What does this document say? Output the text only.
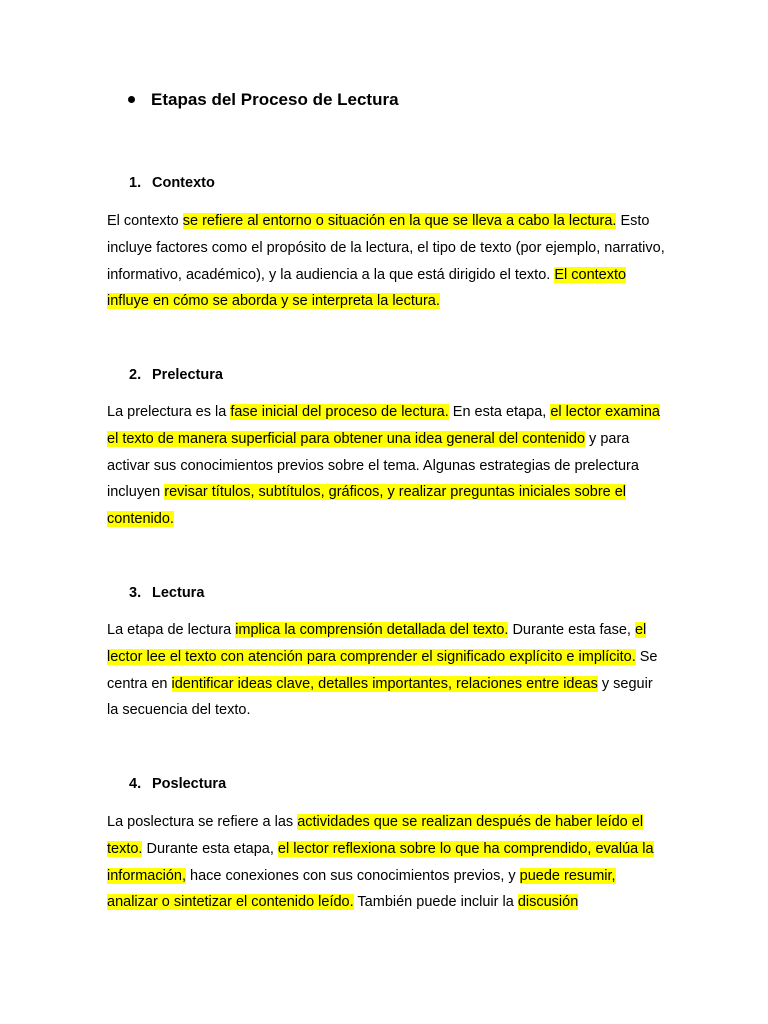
Etapas del Proceso de Lectura
1. Contexto

El contexto se refiere al entorno o situación en la que se lleva a cabo la lectura. Esto incluye factores como el propósito de la lectura, el tipo de texto (por ejemplo, narrativo, informativo, académico), y la audiencia a la que está dirigido el texto. El contexto influye en cómo se aborda y se interpreta la lectura.

2. Prelectura

La prelectura es la fase inicial del proceso de lectura. En esta etapa, el lector examina el texto de manera superficial para obtener una idea general del contenido y para activar sus conocimientos previos sobre el tema. Algunas estrategias de prelectura incluyen revisar títulos, subtítulos, gráficos, y realizar preguntas iniciales sobre el contenido.

3. Lectura

La etapa de lectura implica la comprensión detallada del texto. Durante esta fase, el lector lee el texto con atención para comprender el significado explícito e implícito. Se centra en identificar ideas clave, detalles importantes, relaciones entre ideas y seguir la secuencia del texto.

4. Poslectura

La poslectura se refiere a las actividades que se realizan después de haber leído el texto. Durante esta etapa, el lector reflexiona sobre lo que ha comprendido, evalúa la información, hace conexiones con sus conocimientos previos, y puede resumir, analizar o sintetizar el contenido leído. También puede incluir la discusión
